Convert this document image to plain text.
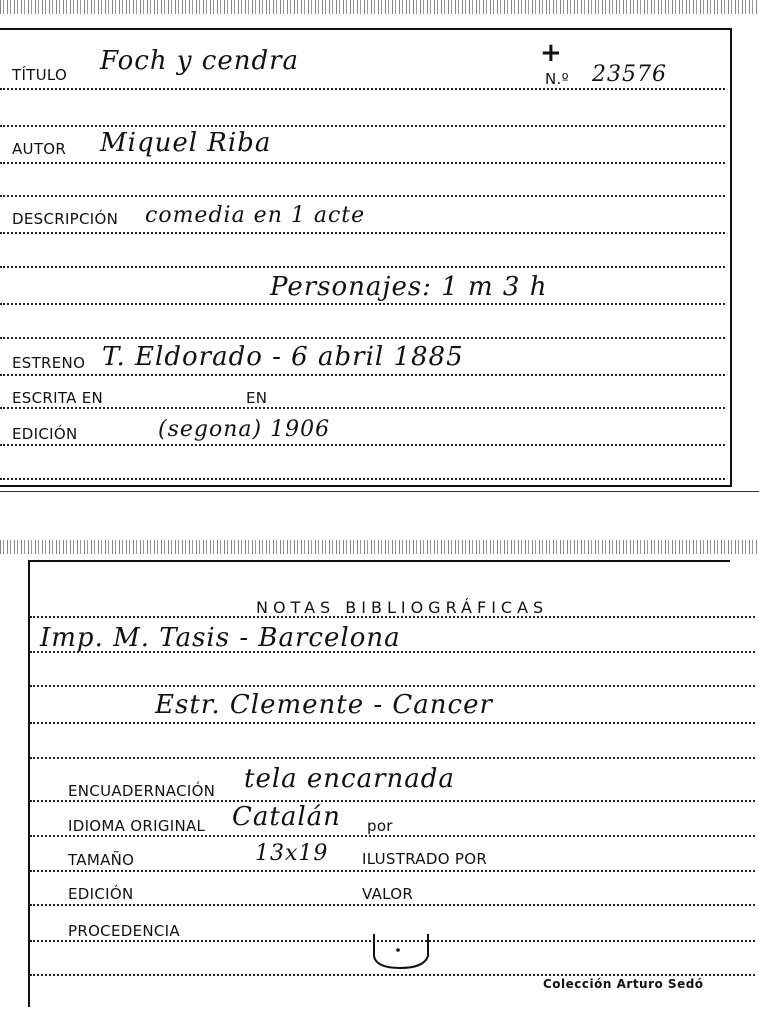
TÍTULO Foch y cendra	+
N.º 23576
AUTOR Miquel Riba
DESCRIPCIÓN comedia en 1 acte
Personajes: 1 m 3 h
ESTRENO T. Eldorado - 6 abril 1885
ESCRITA EN	EN
EDICIÓN	(segona) 1906
NOTAS BIBLIOGRÁFICAS
Imp. M. Tasis - Barcelona
Estr. Clemente - Cancer
ENCUADERNACIÓN tela encarnada
IDIOMA ORIGINAL Catalán por
TAMAÑO	13x19 ILUSTRADO POR
EDICIÓN	VALOR
PROCEDENCIA
Colección Arturo Sedó
